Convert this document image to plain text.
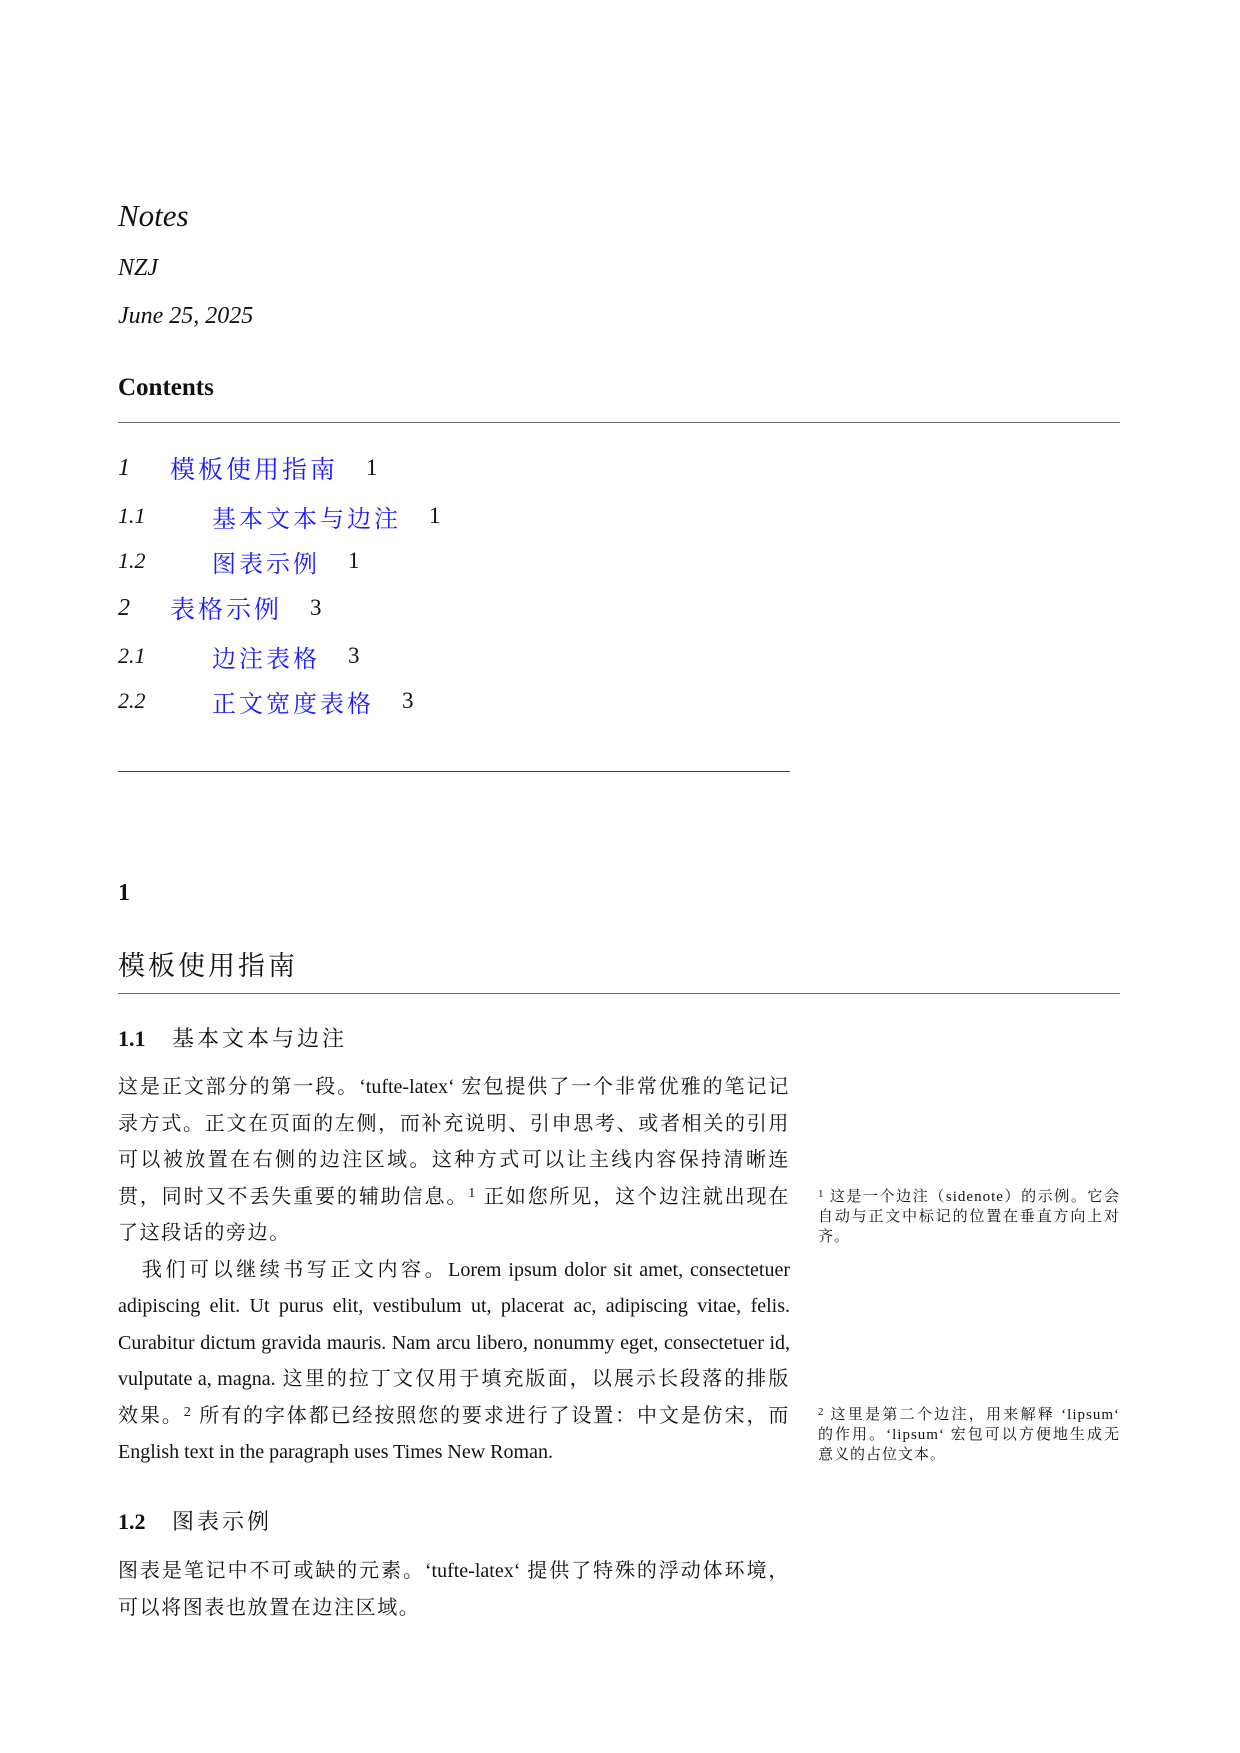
Notes
NZJ
June 25, 2025
Contents
1	模板使用指南 1
1.1	基本文本与边注 1
1.2	图表示例 1
2	表格示例 3
2.1	边注表格 3
2.2	正文宽度表格 3
1
模板使用指南
1.1	基本文本与边注

这是正文部分的第一段。‘tufte-latex‘ 宏包提供了一个非常优雅的笔记记录方式。正文在页面的左侧，而补充说明、引申思考、或者相关的引用可以被放置在右侧的边注区域。这种方式可以让主线内容保持清晰连贯，同时又不丢失重要的辅助信息。$^1$ 正如您所见，这个边注就出现在了这段话的旁边。

我们可以继续书写正文内容。Lorem ipsum dolor sit amet, consectetuer adipiscing elit. Ut purus elit, vestibulum ut, placerat ac, adipiscing vitae, felis. Curabitur dictum gravida mauris. Nam arcu libero, nonummy eget, consectetuer id, vulputate a, magna. 这里的拉丁文仅用于填充版面，以展示长段落的排版效果。$^2$ 所有的字体都已经按照您的要求进行了设置：中文是仿宋，而 English text in the paragraph uses Times New Roman.

$^1$ 这是一个边注（sidenote）的示例。它会自动与正文中标记的位置在垂直方向上对齐。
$^2$ 这里是第二个边注，用来解释 ‘lipsum‘ 的作用。‘lipsum‘ 宏包可以方便地生成无意义的占位文本。
1.2	图表示例

图表是笔记中不可或缺的元素。‘tufte-latex‘ 提供了特殊的浮动体环境，可以将图表也放置在边注区域。
